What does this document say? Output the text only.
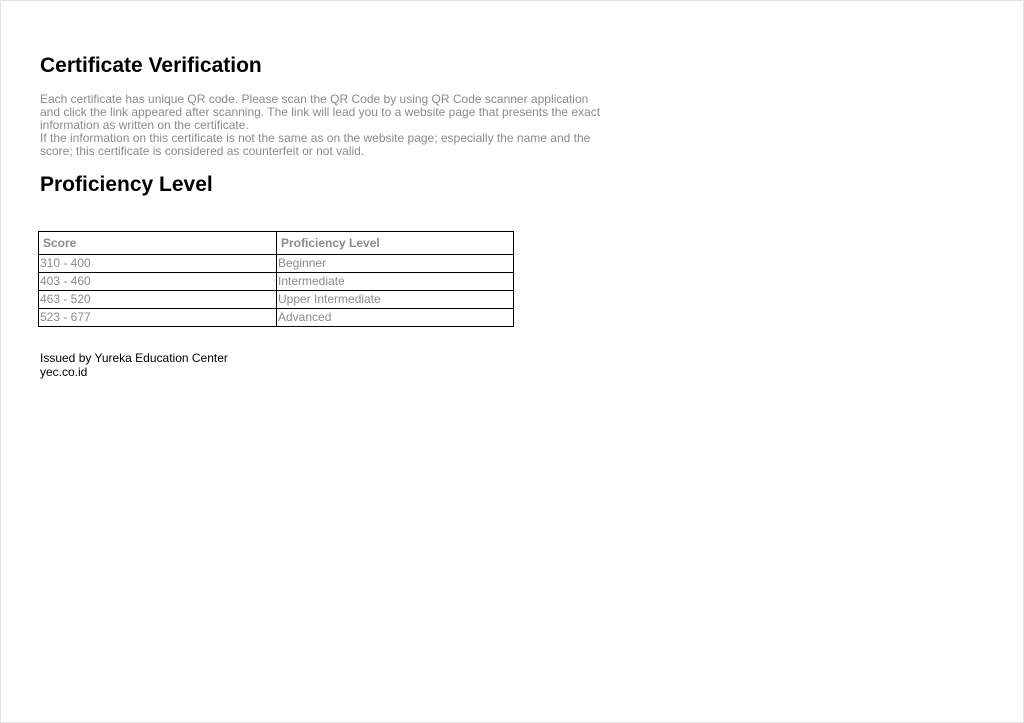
Certificate Verification

Each certificate has unique QR code. Please scan the QR Code by using QR Code scanner application and click the link appeared after scanning. The link will lead you to a website page that presents the exact information as written on the certificate.

If the information on this certificate is not the same as on the website page; especially the name and the score; this certificate is considered as counterfeit or not valid.

Proficiency Level
Score	Proficiency Level
310 - 400	Beginner
403 - 460	Intermediate
463 - 520	Upper Intermediate
523 - 677	Advanced
Issued by Yureka Education Center
yec.co.id
